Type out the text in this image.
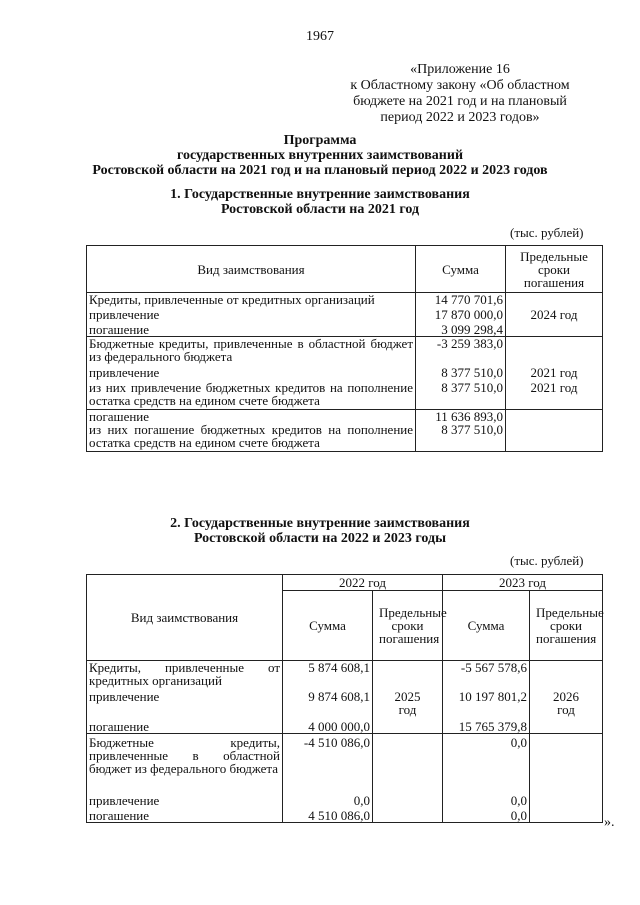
1967
«Приложение 16
к Областному закону «Об областном
бюджете на 2021 год и на плановый
период 2022 и 2023 годов»
Программа
государственных внутренних заимствований
Ростовской области на 2021 год и на плановый период 2022 и 2023 годов
1. Государственные внутренние заимствования
Ростовской области на 2021 год
(тыс. рублей)
Вид заимствования	Сумма	Предельные сроки погашения
Кредиты, привлеченные от кредитных организаций	14 770 701,6	
привлечение	17 870 000,0	2024 год
погашение	3 099 298,4	
Бюджетные кредиты, привлеченные в областной бюджет из федерального бюджета	-3 259 383,0	
привлечение	8 377 510,0	2021 год
из них привлечение бюджетных кредитов на пополнение остатка средств на едином счете бюджета	8 377 510,0	2021 год
погашение	11 636 893,0	
из них погашение бюджетных кредитов на пополнение остатка средств на едином счете бюджета	8 377 510,0	
2. Государственные внутренние заимствования
Ростовской области на 2022 и 2023 годы
(тыс. рублей)
Вид заимствования	2022 год		2023 год	
	Сумма	Предельные сроки погашения	Сумма	Предельные сроки погашения
Кредиты, привлеченные от кредитных организаций	5 874 608,1		-5 567 578,6	
привлечение	9 874 608,1	2025 год	10 197 801,2	2026 год
погашение	4 000 000,0		15 765 379,8	
Бюджетные кредиты, привлеченные в областной бюджет из федерального бюджета	-4 510 086,0		0,0	
привлечение	0,0		0,0	
погашение	4 510 086,0		0,0		».
